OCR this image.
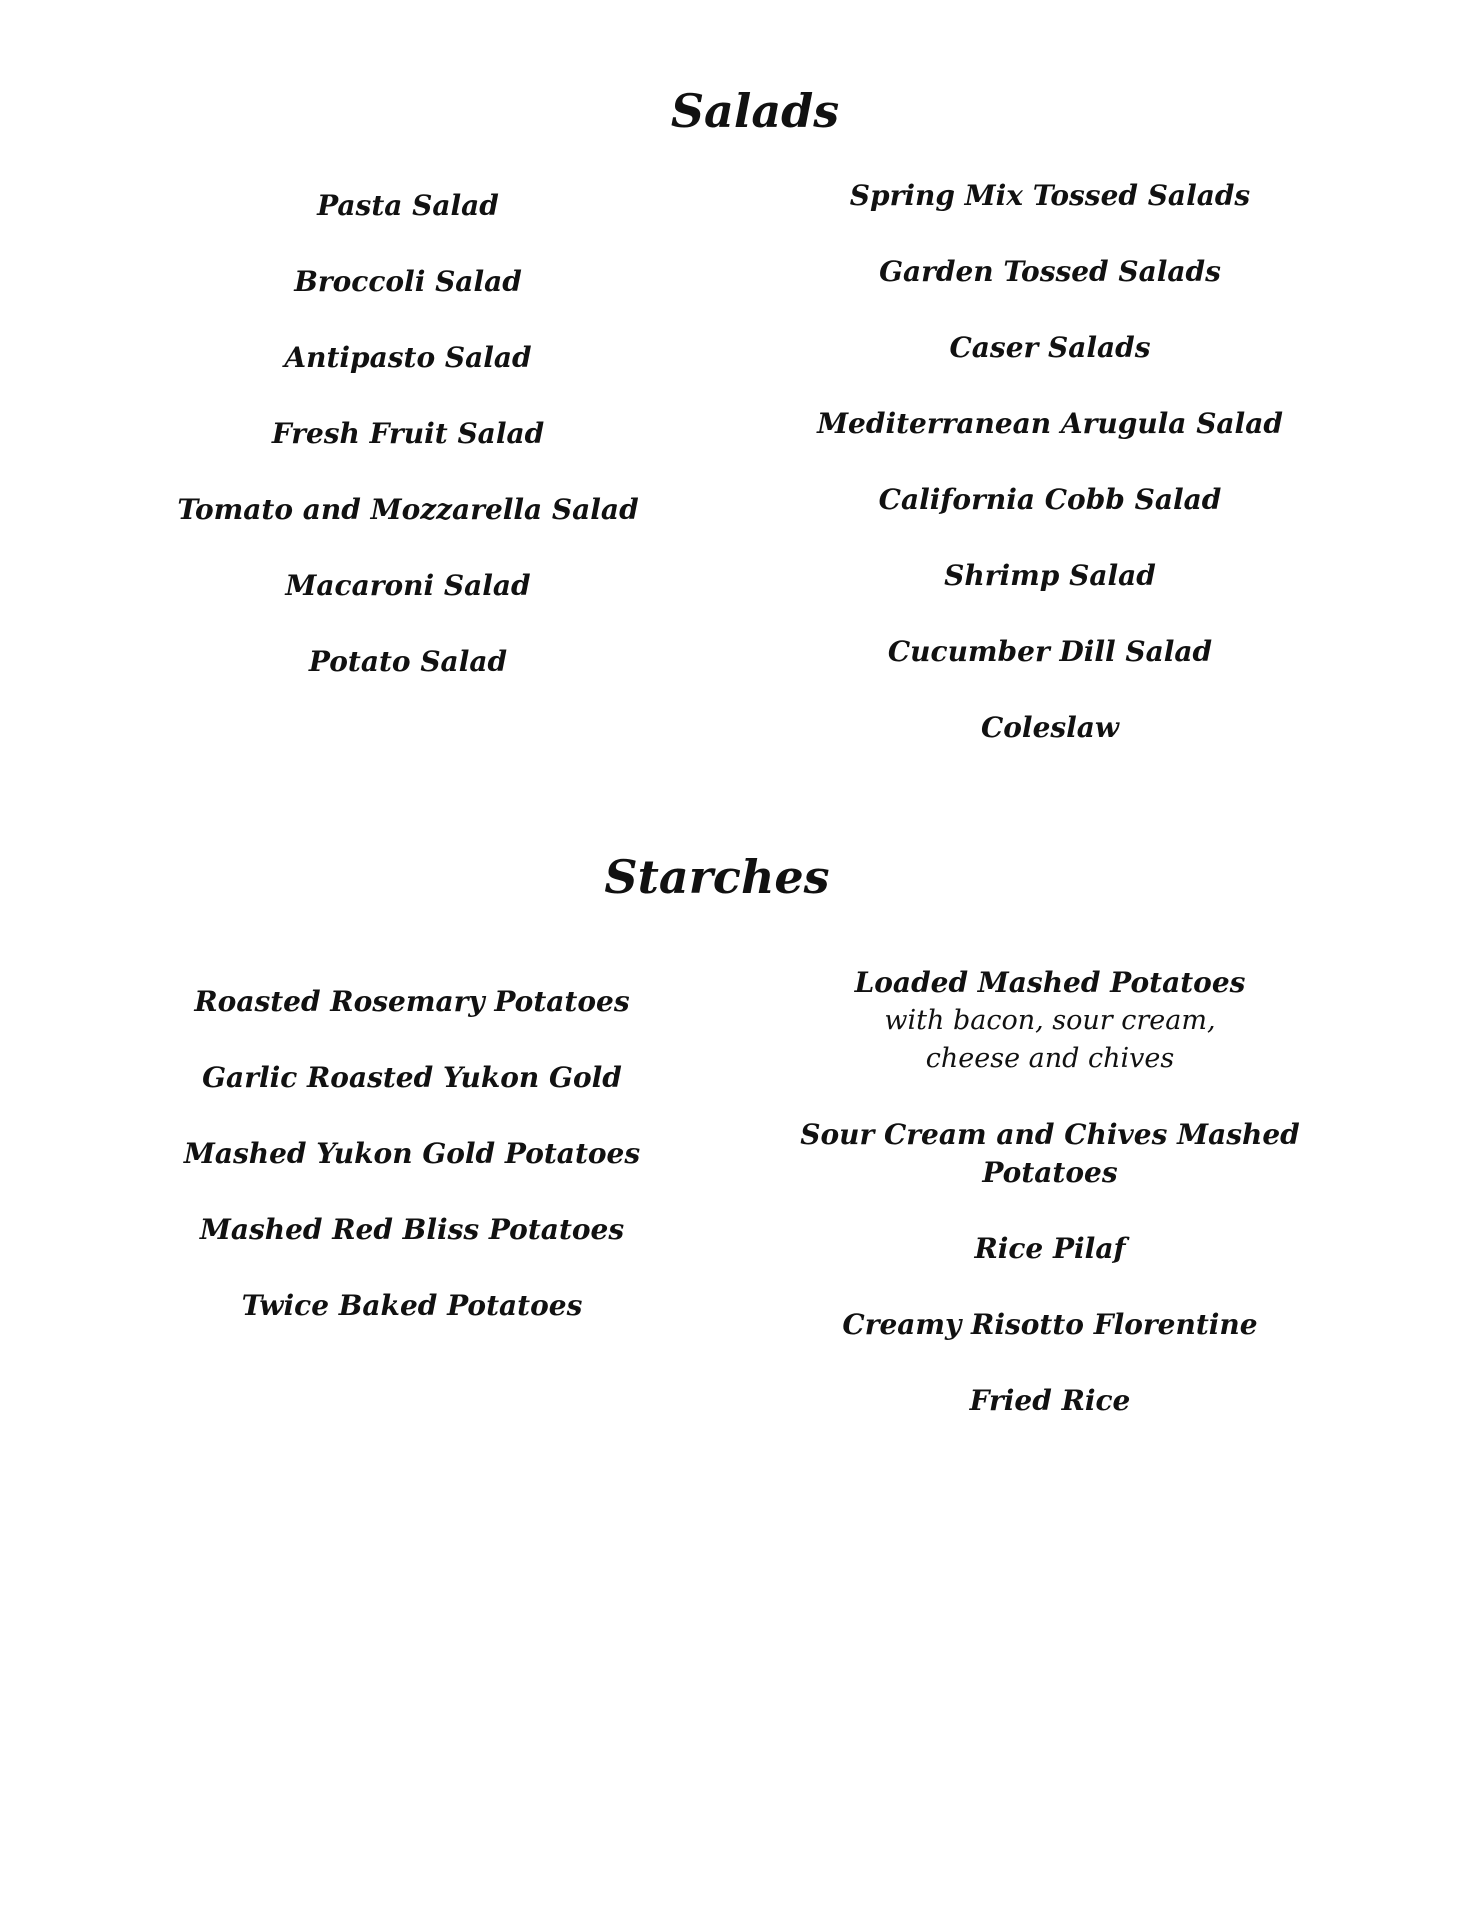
Salads

Pasta Salad

Broccoli Salad

Antipasto Salad

Fresh Fruit Salad

Tomato and Mozzarella Salad

Macaroni Salad

Potato Salad

Spring Mix Tossed Salads

Garden Tossed Salads

Caser Salads

Mediterranean Arugula Salad

California Cobb Salad

Shrimp Salad

Cucumber Dill Salad

Coleslaw

Starches

Roasted Rosemary Potatoes

Garlic Roasted Yukon Gold

Mashed Yukon Gold Potatoes

Mashed Red Bliss Potatoes

Twice Baked Potatoes

Loaded Mashed Potatoes
with bacon, sour cream,
cheese and chives

Sour Cream and Chives Mashed Potatoes

Rice Pilaf

Creamy Risotto Florentine

Fried Rice
